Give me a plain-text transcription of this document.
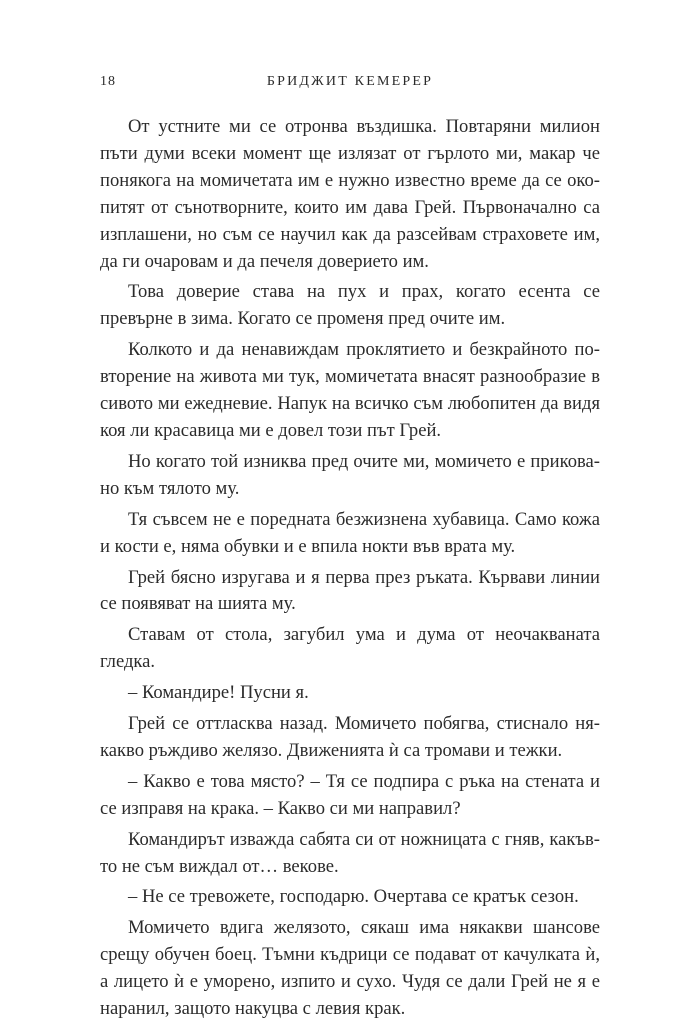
18	БРИДЖИТ КЕМЕРЕР

От устните ми се отронва въздишка. Повтаряни милион пъти думи всеки момент ще излязат от гърлото ми, макар че понякога на момичетата им е нужно известно време да се окопитят от сънотворните, които им дава Грей. Първоначално са изплашени, но съм се научил как да разсейвам страховете им, да ги очаровам и да печеля доверието им.

Това доверие става на пух и прах, когато есента се превърне в зима. Когато се променя пред очите им.

Колкото и да ненавиждам проклятието и безкрайното повторение на живота ми тук, момичетата внасят разнообразие в сивото ми ежедневие. Напук на всичко съм любопитен да видя коя ли красавица ми е довел този път Грей.

Но когато той изниква пред очите ми, момичето е приковано към тялото му.

Тя съвсем не е поредната безжизнена хубавица. Само кожа и кости е, няма обувки и е впила нокти във врата му.

Грей бясно изругава и я перва през ръката. Кървави линии се появяват на шията му.

Ставам от стола, загубил ума и дума от неочакваната гледка.

– Командире! Пусни я.

Грей се оттласква назад. Момичето побягва, стиснало някакво ръждиво желязо. Движенията ѝ са тромави и тежки.

– Какво е това място? – Тя се подпира с ръка на стената и се изправя на крака. – Какво си ми направил?

Командирът изважда сабята си от ножницата с гняв, какъвто не съм виждал от… векове.

– Не се тревожете, господарю. Очертава се кратък сезон.

Момичето вдига желязото, сякаш има някакви шансове срещу обучен боец. Тъмни къдрици се подават от качулката ѝ, а лицето ѝ е уморено, изпито и сухо. Чудя се дали Грей не я е наранил, защото накуцва с левия крак.
